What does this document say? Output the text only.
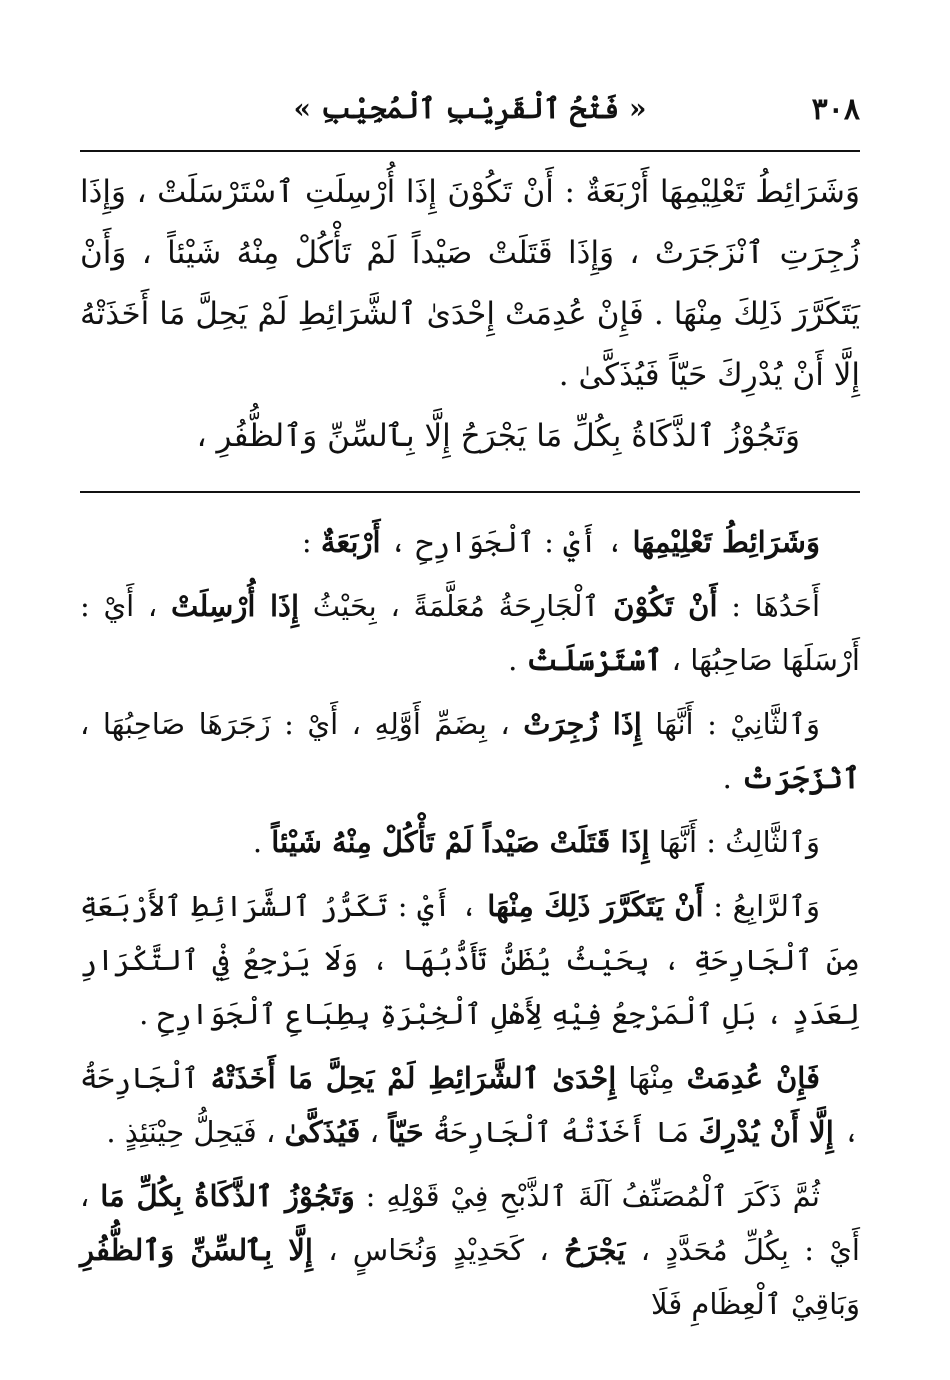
٣٠٨
« فَتْحُ ٱلْقَرِيْبِ ٱلْمُجِيْبِ »

وَشَرَائِطُ تَعْلِيْمِهَا أَرْبَعَةٌ : أَنْ تَكُوْنَ إِذَا أُرْسِلَتِ ٱسْتَرْسَلَتْ ، وَإِذَا زُجِرَتِ ٱنْزَجَرَتْ ، وَإِذَا قَتَلَتْ صَيْداً لَمْ تَأْكُلْ مِنْهُ شَيْئاً ، وَأَنْ يَتَكَرَّرَ ذَلِكَ مِنْهَا . فَإِنْ عُدِمَتْ إِحْدَىٰ ٱلشَّرَائِطِ لَمْ يَحِلَّ مَا أَخَذَتْهُ إِلَّا أَنْ يُدْرِكَ حَيّاً فَيُذَكَّىٰ .

وَتَجُوْزُ ٱلذَّكَاةُ بِكُلِّ مَا يَجْرَحُ إِلَّا بِٱلسِّنِّ وَٱلظُّفُرِ ،

وَشَرَائِطُ تَعْلِيْمِهَا ، أَيْ : ٱلْجَوَارِحِ ، أَرْبَعَةٌ :

أَحَدُهَا : أَنْ تَكُوْنَ ٱلْجَارِحَةُ مُعَلَّمَةً ، بِحَيْثُ إِذَا أُرْسِلَتْ ، أَيْ : أَرْسَلَهَا صَاحِبُهَا ، ٱسْتَرْسَلَتْ .

وَٱلثَّانِيْ : أَنَّهَا إِذَا زُجِرَتْ ، بِضَمِّ أَوَّلِهِ ، أَيْ : زَجَرَهَا صَاحِبُهَا ، ٱنْزَجَرَتْ .

وَٱلثَّالِثُ : أَنَّهَا إِذَا قَتَلَتْ صَيْداً لَمْ تَأْكُلْ مِنْهُ شَيْئاً .

وَٱلرَّابِعُ : أَنْ يَتَكَرَّرَ ذَلِكَ مِنْهَا ، أَيْ : تَكَرُّرُ ٱلشَّرَائِطِ ٱلأَرْبَعَةِ مِنَ ٱلْجَارِحَةِ ، بِحَيْثُ يُظَنُّ تَأَدُّبُهَا ، وَلَا يَرْجِعُ فِيْ ٱلتَّكْرَارِ لِعَدَدٍ ، بَلِ ٱلْمَرْجِعُ فِيْهِ لِأَهْلِ ٱلْخِبْرَةِ بِطِبَاعِ ٱلْجَوَارِحِ .

فَإِنْ عُدِمَتْ مِنْهَا إِحْدَىٰ ٱلشَّرَائِطِ لَمْ يَحِلَّ مَا أَخَذَتْهُ ٱلْجَارِحَةُ ، إِلَّا أَنْ يُدْرِكَ مَا أَخَذَتْهُ ٱلْجَارِحَةُ حَيّاً ، فَيُذَكَّىٰ ، فَيَحِلُّ حِيْنَئِذٍ .

ثُمَّ ذَكَرَ ٱلْمُصَنِّفُ آلَةَ ٱلذَّبْحِ فِيْ قَوْلِهِ : وَتَجُوْزُ ٱلذَّكَاةُ بِكُلِّ مَا ، أَيْ : بِكُلِّ مُحَدَّدٍ ، يَجْرَحُ ، كَحَدِيْدٍ وَنُحَاسٍ ، إِلَّا بِٱلسِّنِّ وَٱلظُّفُرِ وَبَاقِيْ ٱلْعِظَامِ فَلَا
